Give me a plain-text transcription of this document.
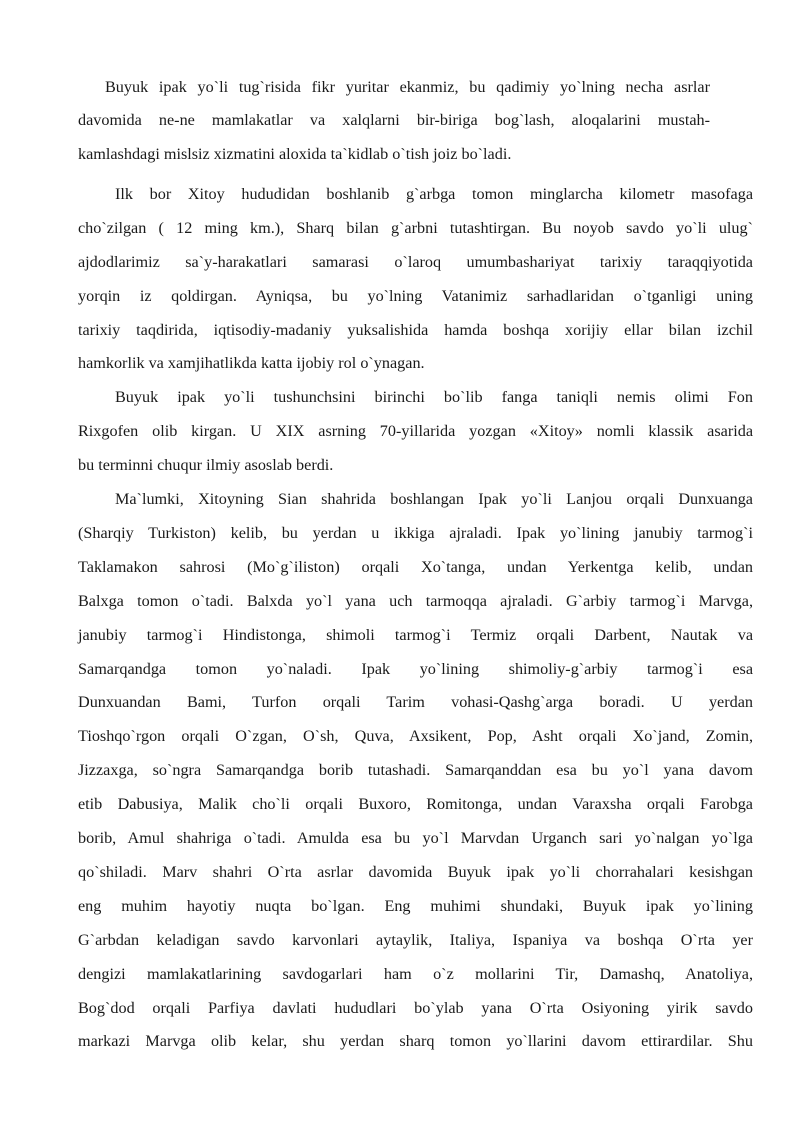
Buyuk ipak yo`li tug`risida fikr yuritar ekanmiz, bu qadimiy yo`lning necha asrlar
davomida ne-ne mamlakatlar va xalqlarni bir-biriga bog`lash, aloqalarini mustah-
kamlashdagi mislsiz xizmatini aloxida ta`kidlab o`tish joiz bo`ladi.
Ilk bor Xitoy hududidan boshlanib g`arbga tomon minglarcha kilometr masofaga
cho`zilgan ( 12 ming km.), Sharq bilan g`arbni tutashtirgan. Bu noyob savdo yo`li ulug`
ajdodlarimiz sa`y-harakatlari samarasi o`laroq umumbashariyat tarixiy taraqqiyotida
yorqin iz qoldirgan. Ayniqsa, bu yo`lning Vatanimiz sarhadlaridan o`tganligi uning
tarixiy taqdirida, iqtisodiy-madaniy yuksalishida hamda boshqa xorijiy ellar bilan izchil
hamkorlik va xamjihatlikda katta ijobiy rol o`ynagan.
Buyuk ipak yo`li tushunchsini birinchi bo`lib fanga taniqli nemis olimi Fon
Rixgofen olib kirgan. U XIX asrning 70-yillarida yozgan «Xitoy» nomli klassik asarida
bu terminni chuqur ilmiy asoslab berdi.
Ma`lumki, Xitoyning Sian shahrida boshlangan Ipak yo`li Lanjou orqali Dunxuanga
(Sharqiy Turkiston) kelib, bu yerdan u ikkiga ajraladi. Ipak yo`lining janubiy tarmog`i
Taklamakon sahrosi (Mo`g`iliston) orqali Xo`tanga, undan Yerkentga kelib, undan
Balxga tomon o`tadi. Balxda yo`l yana uch tarmoqqa ajraladi. G`arbiy tarmog`i Marvga,
janubiy tarmog`i Hindistonga, shimoli tarmog`i Termiz orqali Darbent, Nautak va
Samarqandga tomon yo`naladi. Ipak yo`lining shimoliy-g`arbiy tarmog`i esa
Dunxuandan Bami, Turfon orqali Tarim vohasi-Qashg`arga boradi. U yerdan
Tioshqo`rgon orqali O`zgan, O`sh, Quva, Axsikent, Pop, Asht orqali Xo`jand, Zomin,
Jizzaxga, so`ngra Samarqandga borib tutashadi. Samarqanddan esa bu yo`l yana davom
etib Dabusiya, Malik cho`li orqali Buxoro, Romitonga, undan Varaxsha orqali Farobga
borib, Amul shahriga o`tadi. Amulda esa bu yo`l Marvdan Urganch sari yo`nalgan yo`lga
qo`shiladi. Marv shahri O`rta asrlar davomida Buyuk ipak yo`li chorrahalari kesishgan
eng muhim hayotiy nuqta bo`lgan. Eng muhimi shundaki, Buyuk ipak yo`lining
G`arbdan keladigan savdo karvonlari aytaylik, Italiya, Ispaniya va boshqa O`rta yer
dengizi mamlakatlarining savdogarlari ham o`z mollarini Tir, Damashq, Anatoliya,
Bog`dod orqali Parfiya davlati hududlari bo`ylab yana O`rta Osiyoning yirik savdo
markazi Marvga olib kelar, shu yerdan sharq tomon yo`llarini davom ettirardilar. Shu
